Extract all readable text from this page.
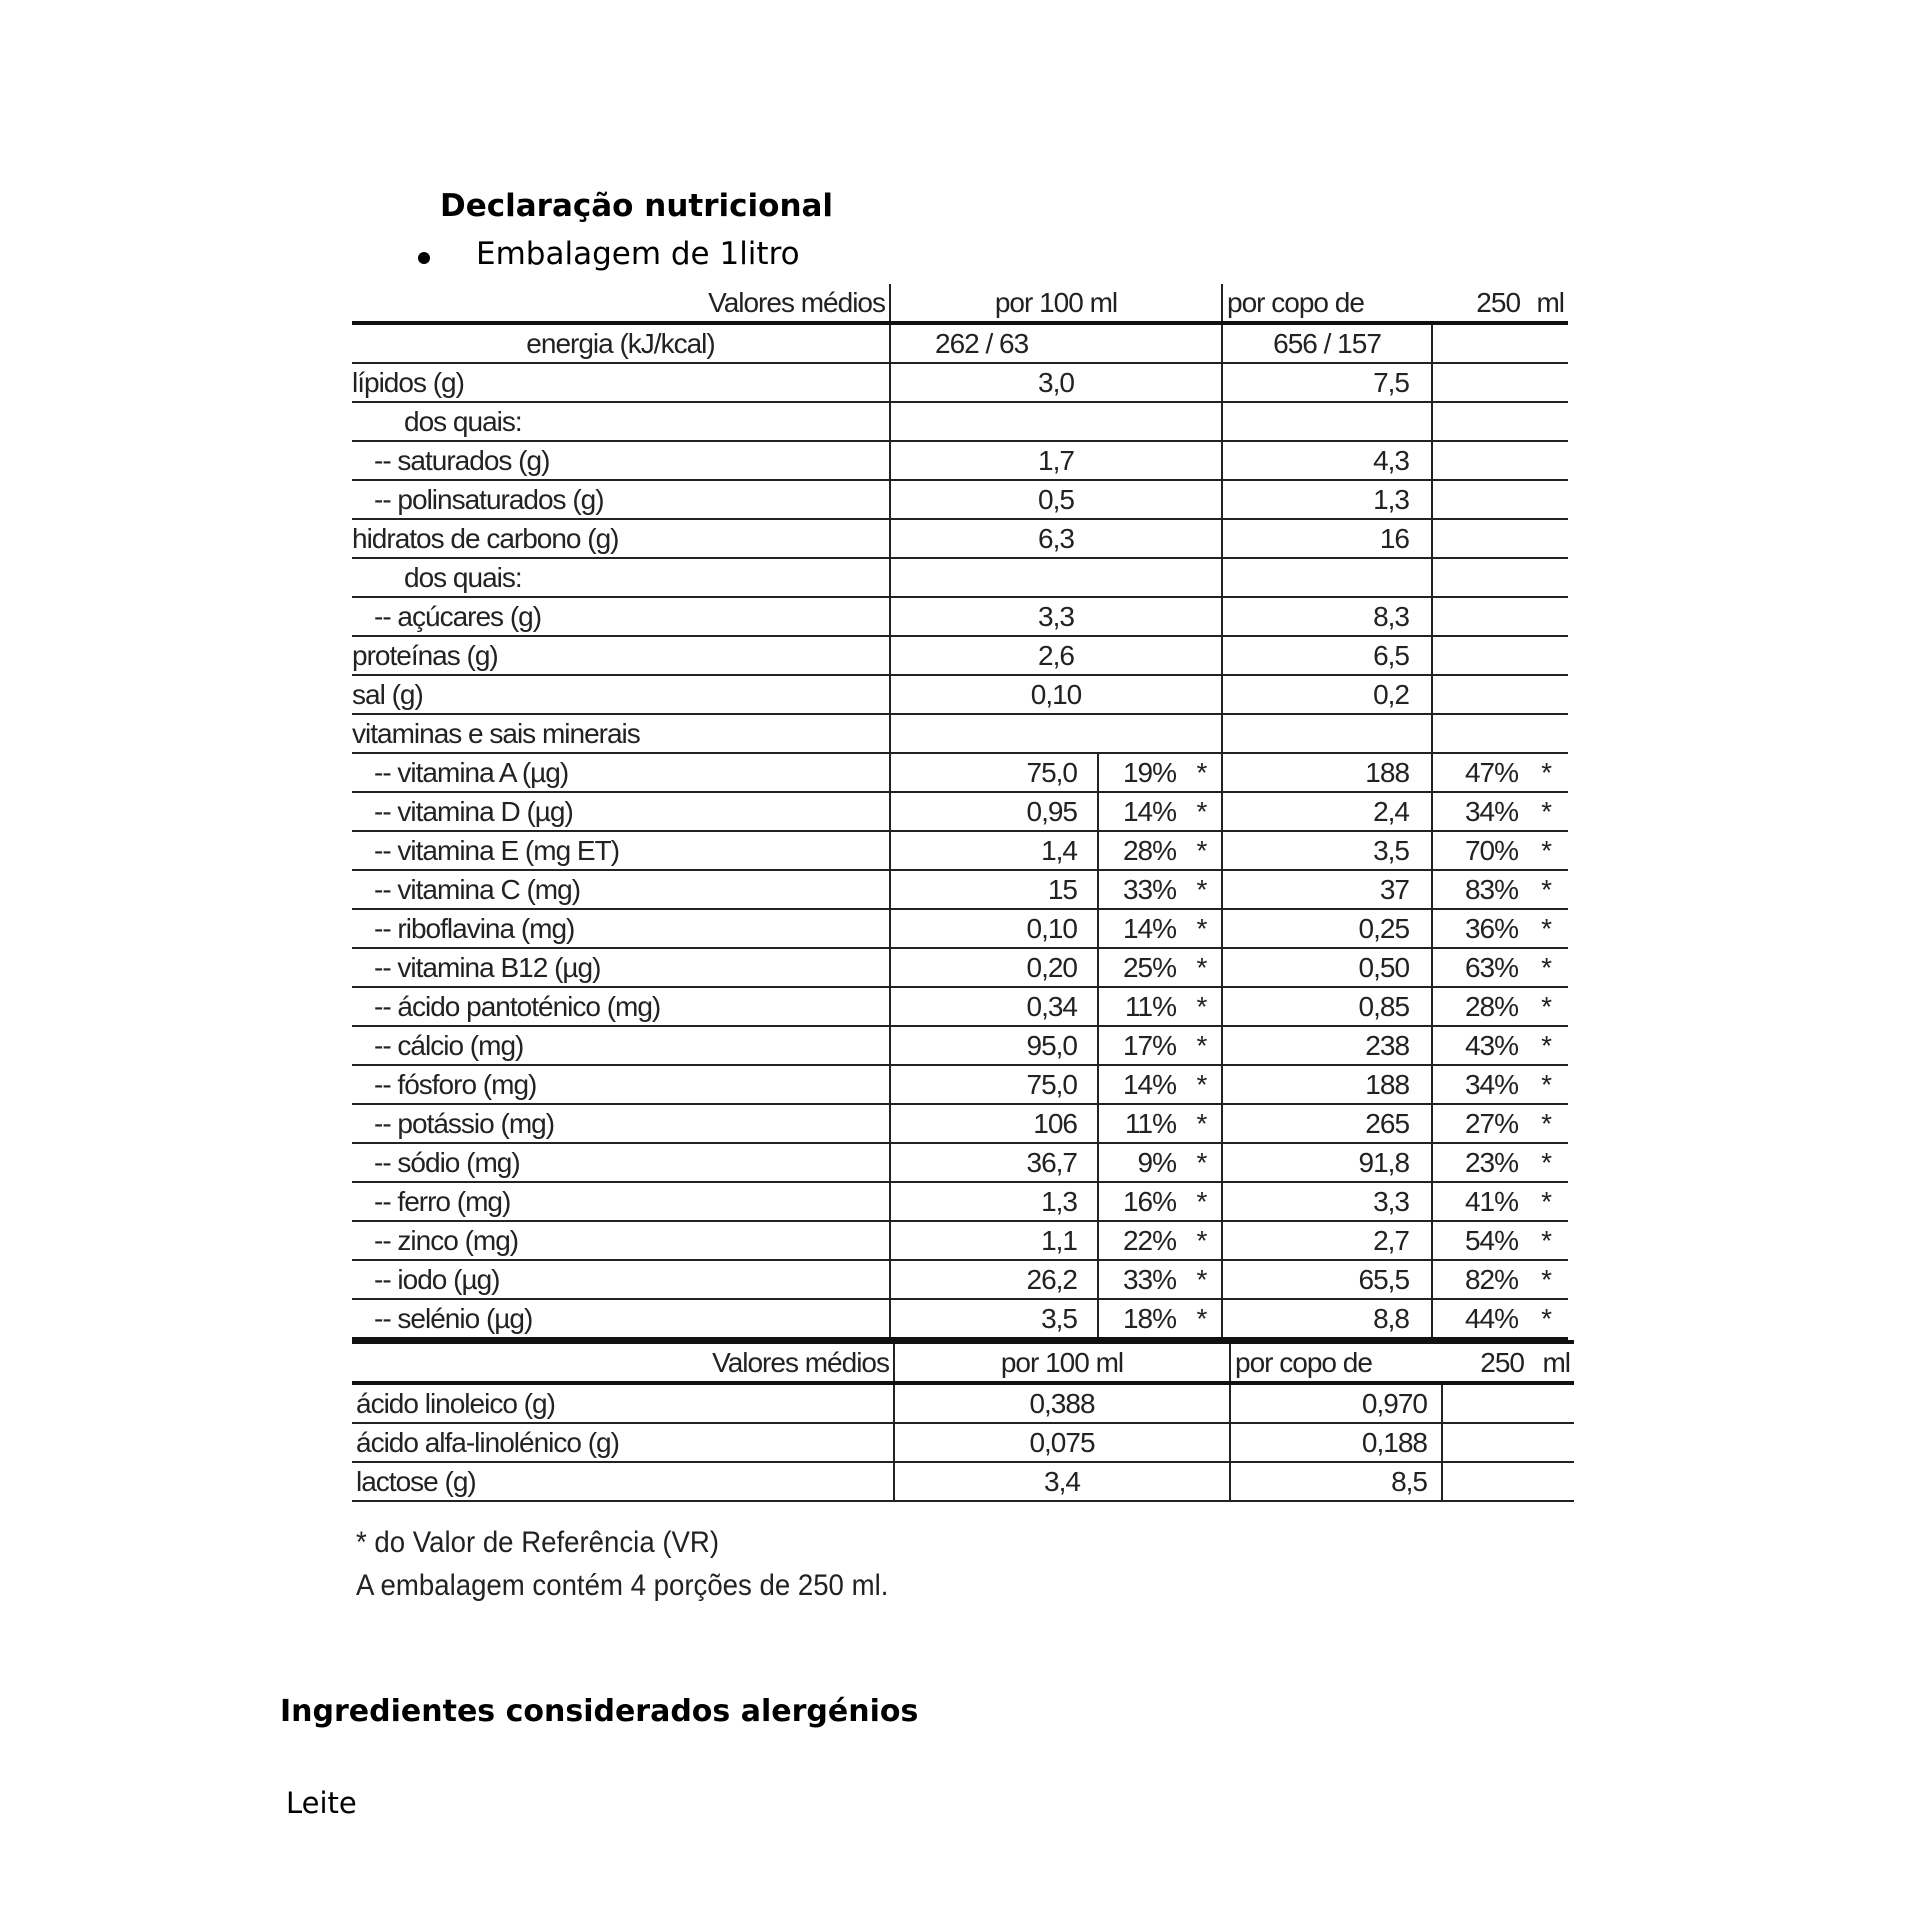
Declaração nutricional
Embalagem de 1litro
Valores médios	por 100 ml			por copo de	250	ml
energia (kJ/kcal)	262 / 63			656 / 157		
lípidos (g)	3,0			7,5		
dos quais:						
-- saturados (g)	1,7			4,3		
-- polinsaturados (g)	0,5			1,3		
hidratos de carbono (g)	6,3			16		
dos quais:						
-- açúcares (g)	3,3			8,3		
proteínas (g)	2,6			6,5		
sal (g)	0,10			0,2		
vitaminas e sais minerais						
-- vitamina A (µg)	75,0	19%	*	188	47%	*
-- vitamina D (µg)	0,95	14%	*	2,4	34%	*
-- vitamina E (mg ET)	1,4	28%	*	3,5	70%	*
-- vitamina C (mg)	15	33%	*	37	83%	*
-- riboflavina (mg)	0,10	14%	*	0,25	36%	*
-- vitamina B12 (µg)	0,20	25%	*	0,50	63%	*
-- ácido pantoténico (mg)	0,34	11%	*	0,85	28%	*
-- cálcio (mg)	95,0	17%	*	238	43%	*
-- fósforo (mg)	75,0	14%	*	188	34%	*
-- potássio (mg)	106	11%	*	265	27%	*
-- sódio (mg)	36,7	9%	*	91,8	23%	*
-- ferro (mg)	1,3	16%	*	3,3	41%	*
-- zinco (mg)	1,1	22%	*	2,7	54%	*
-- iodo (µg)	26,2	33%	*	65,5	82%	*
-- selénio (µg)	3,5	18%	*	8,8	44%	*
Valores médios	por 100 ml	por copo de	250	ml
ácido linoleico (g)	0,388	0,970		
ácido alfa-linolénico (g)	0,075	0,188		
lactose (g)	3,4	8,5		
* do Valor de Referência (VR)
A embalagem contém 4 porções de 250 ml.
Ingredientes considerados alergénios
Leite
